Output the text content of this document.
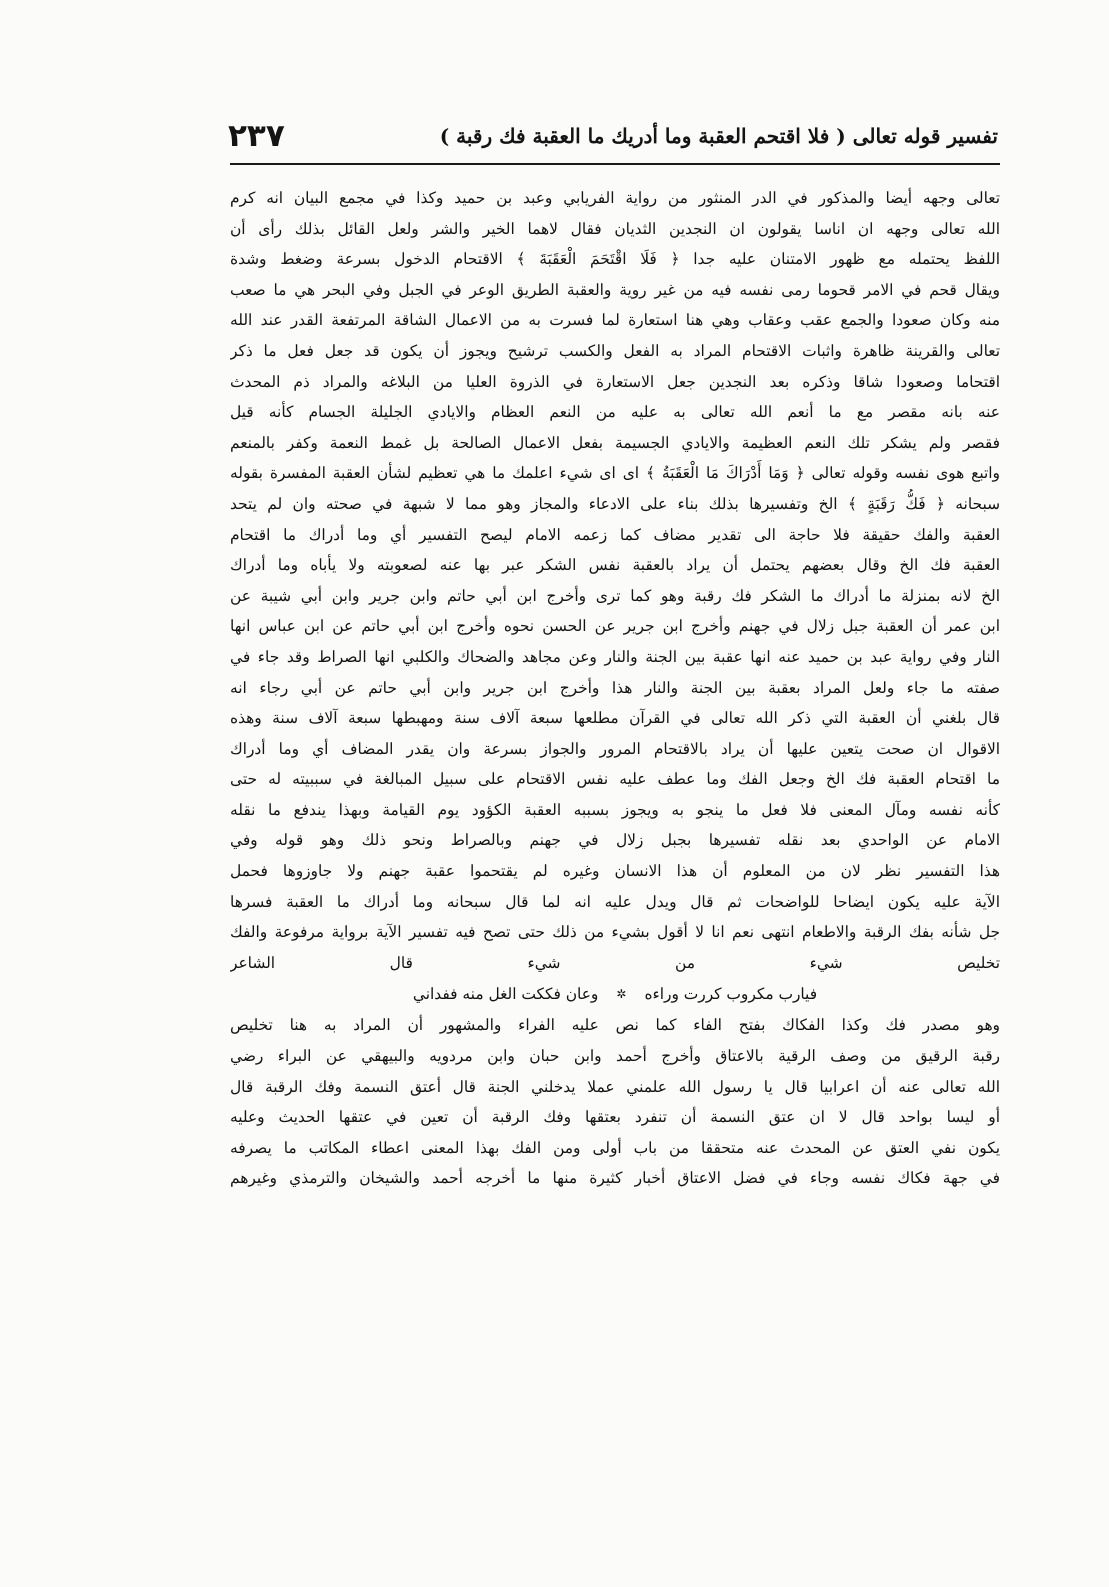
تفسير قوله تعالى ( فلا اقتحم العقبة وما أدريك ما العقبة فك رقبة )
٢٣٧
تعالى وجهه أيضا والمذكور في الدر المنثور من رواية الفريابي وعبد بن حميد وكذا في مجمع البيان انه كرم
الله تعالى وجهه ان اناسا يقولون ان النجدين الثديان فقال لاهما الخير والشر ولعل القائل بذلك رأى أن
اللفظ يحتمله مع ظهور الامتنان عليه جدا ﴿ فَلَا اقْتَحَمَ الْعَقَبَةَ ﴾ الاقتحام الدخول بسرعة وضغط وشدة
ويقال قحم في الامر قحوما رمى نفسه فيه من غير روية والعقبة الطريق الوعر في الجبل وفي البحر هي ما صعب
منه وكان صعودا والجمع عقب وعقاب وهي هنا استعارة لما فسرت به من الاعمال الشاقة المرتفعة القدر عند الله
تعالى والقرينة ظاهرة واثبات الاقتحام المراد به الفعل والكسب ترشيح ويجوز أن يكون قد جعل فعل ما ذكر
اقتحاما وصعودا شاقا وذكره بعد النجدين جعل الاستعارة في الذروة العليا من البلاغه والمراد ذم المحدث
عنه بانه مقصر مع ما أنعم الله تعالى به عليه من النعم العظام والايادي الجليلة الجسام كأنه قيل
فقصر ولم يشكر تلك النعم العظيمة والايادي الجسيمة بفعل الاعمال الصالحة بل غمط النعمة وكفر بالمنعم
واتبع هوى نفسه وقوله تعالى ﴿ وَمَا أَدْرَاكَ مَا الْعَقَبَةُ ﴾ اى اى شيء اعلمك ما هي تعظيم لشأن العقبة المفسرة بقوله
سبحانه ﴿ فَكُّ رَقَبَةٍ ﴾ الخ وتفسيرها بذلك بناء على الادعاء والمجاز وهو مما لا شبهة في صحته وان لم يتحد
العقبة والفك حقيقة فلا حاجة الى تقدير مضاف كما زعمه الامام ليصح التفسير أي وما أدراك ما اقتحام
العقبة فك الخ وقال بعضهم يحتمل أن يراد بالعقبة نفس الشكر عبر بها عنه لصعوبته ولا يأباه وما أدراك
الخ لانه بمنزلة ما أدراك ما الشكر فك رقبة وهو كما ترى وأخرج ابن أبي حاتم وابن جرير وابن أبي شيبة عن
ابن عمر أن العقبة جبل زلال في جهنم وأخرج ابن جرير عن الحسن نحوه وأخرج ابن أبي حاتم عن ابن عباس انها
النار وفي رواية عبد بن حميد عنه انها عقبة بين الجنة والنار وعن مجاهد والضحاك والكلبي انها الصراط وقد جاء في
صفته ما جاء ولعل المراد بعقبة بين الجنة والنار هذا وأخرج ابن جرير وابن أبي حاتم عن أبي رجاء انه
قال بلغني أن العقبة التي ذكر الله تعالى في القرآن مطلعها سبعة آلاف سنة ومهبطها سبعة آلاف سنة وهذه
الاقوال ان صحت يتعين عليها أن يراد بالاقتحام المرور والجواز بسرعة وان يقدر المضاف أي وما أدراك
ما اقتحام العقبة فك الخ وجعل الفك وما عطف عليه نفس الاقتحام على سبيل المبالغة في سببيته له حتى
كأنه نفسه ومآل المعنى فلا فعل ما ينجو به ويجوز بسببه العقبة الكؤود يوم القيامة وبهذا يندفع ما نقله
الامام عن الواحدي بعد نقله تفسيرها بجبل زلال في جهنم وبالصراط ونحو ذلك وهو قوله وفي
هذا التفسير نظر لان من المعلوم أن هذا الانسان وغيره لم يقتحموا عقبة جهنم ولا جاوزوها فحمل
الآية عليه يكون ايضاحا للواضحات ثم قال ويدل عليه انه لما قال سبحانه وما أدراك ما العقبة فسرها
جل شأنه بفك الرقبة والاطعام انتهى نعم انا لا أقول بشيء من ذلك حتى تصح فيه تفسير الآية برواية مرفوعة والفك
تخليص شيء من شيء قال الشاعر
فيارب مكروب كررت وراءه
✲
وعان فككت الغل منه ففداني
وهو مصدر فك وكذا الفكاك بفتح الفاء كما نص عليه الفراء والمشهور أن المراد به هنا تخليص
رقبة الرقيق من وصف الرقية بالاعتاق وأخرج أحمد وابن حبان وابن مردويه والبيهقي عن البراء رضي
الله تعالى عنه أن اعرابيا قال يا رسول الله علمني عملا يدخلني الجنة قال أعتق النسمة وفك الرقبة قال
أو ليسا بواحد قال لا ان عتق النسمة أن تنفرد بعتقها وفك الرقبة أن تعين في عتقها الحديث وعليه
يكون نفي العتق عن المحدث عنه متحققا من باب أولى ومن الفك بهذا المعنى اعطاء المكاتب ما يصرفه
في جهة فكاك نفسه وجاء في فضل الاعتاق أخبار كثيرة منها ما أخرجه أحمد والشيخان والترمذي وغيرهم
